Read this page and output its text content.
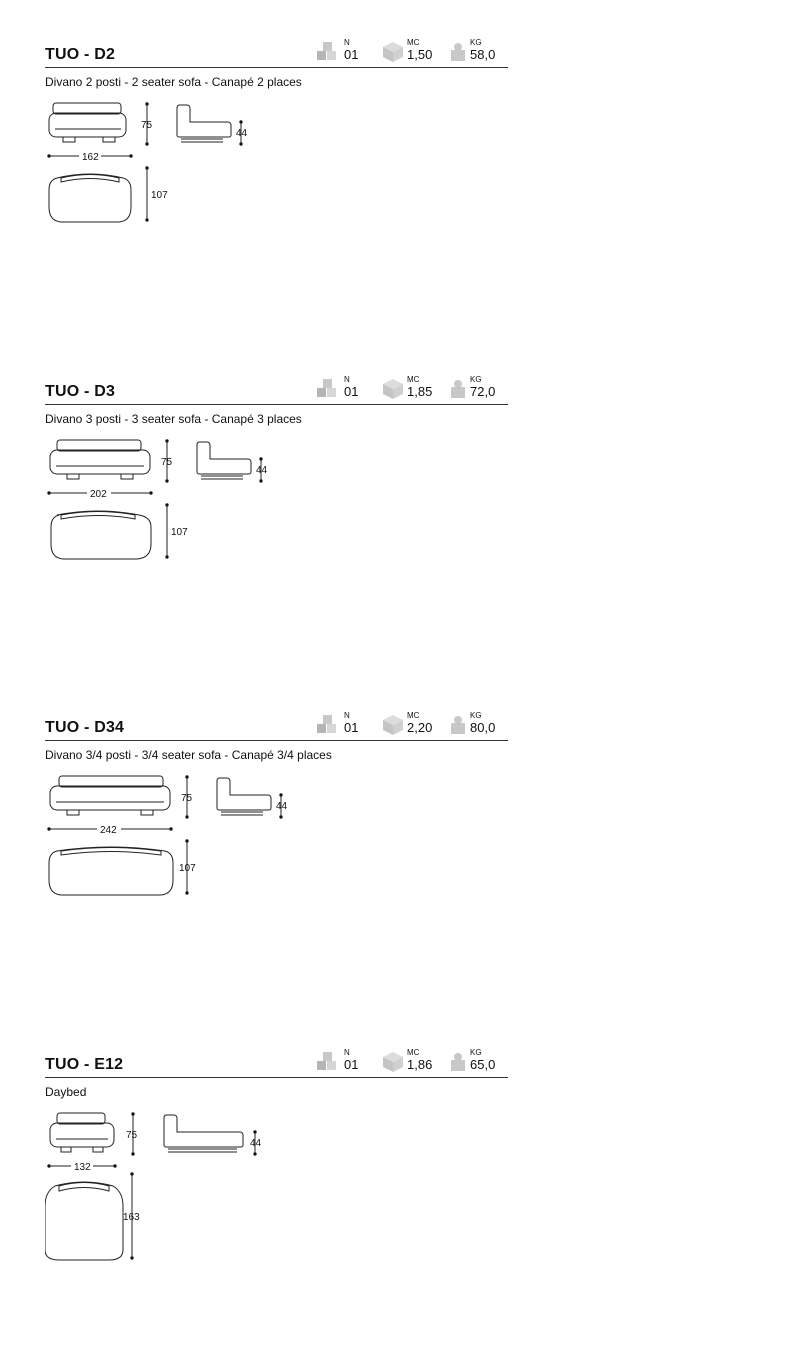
TUO - D2
N
01
MC
1,50
KG
58,0
Divano 2 posti - 2 seater sofa - Canapé 2 places
75
44
162
107
TUO - D3
N
01
MC
1,85
KG
72,0
Divano 3 posti - 3 seater sofa - Canapé 3 places
75
44
202
107
TUO - D34
N
01
MC
2,20
KG
80,0
Divano 3/4 posti - 3/4 seater sofa - Canapé 3/4 places
75
44
242
107
TUO - E12
N
01
MC
1,86
KG
65,0
Daybed
75
44
132
163
